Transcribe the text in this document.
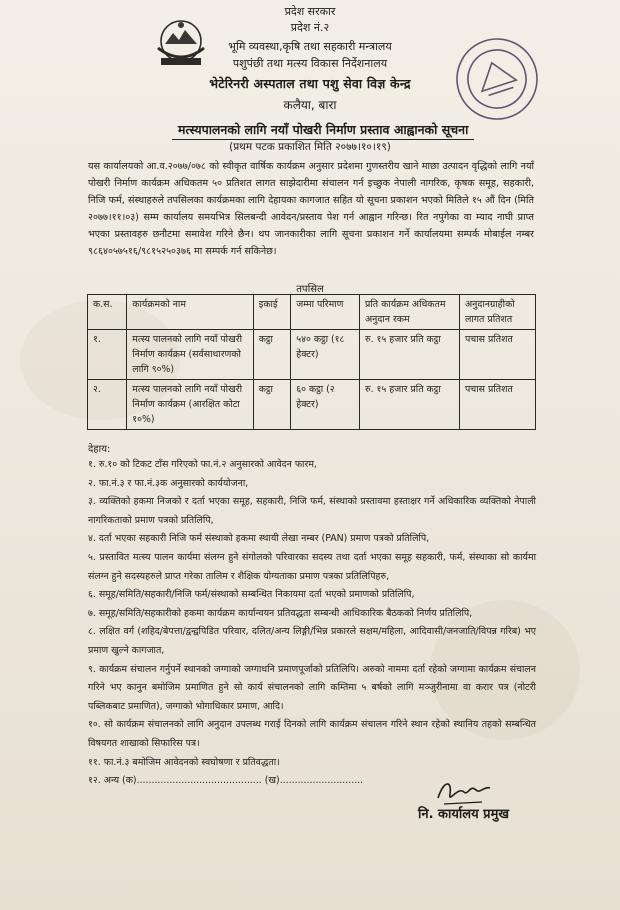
प्रदेश सरकार
प्रदेश नं.२
भूमि व्यवस्था,कृषि तथा सहकारी मन्त्रालय
पशुपंछी तथा मत्स्य विकास निर्देशनालय
भेटेरिनरी अस्पताल तथा पशु सेवा विज्ञ केन्द्र
कलैया, बारा
मत्स्यपालनको लागि नयाँ पोखरी निर्माण प्रस्ताव आह्वानको सूचना
(प्रथम पटक प्रकाशित मिति २०७७।१०।१९)
यस कार्यालयको आ.व.२०७७/०७८ को स्वीकृत वार्षिक कार्यक्रम अनुसार प्रदेशमा गुणस्तरीय खाने माछा उत्पादन वृद्धिको लागि नयाँ पोखरी निर्माण कार्यक्रम अधिकतम ५० प्रतिशत लागत साझेदारीमा संचालन गर्न इच्छुक नेपाली नागरिक, कृषक समूह, सहकारी, निजि फर्म, संस्थाहरुले तपसिलका कार्यक्रमका लागि देहायका कागजात सहित यो सूचना प्रकाशन भएको मितिले १५ औं दिन (मिति २०७७।११।०३) सम्म कार्यालय समयभित्र सिलबन्दी आवेदन/प्रस्ताव पेश गर्न आह्वान गरिन्छ। रित नपुगेका वा म्याद नाघी प्राप्त भएका प्रस्तावहरु छनौटमा समावेश गरिने छैन। थप जानकारीका लागि सूचना प्रकाशन गर्ने कार्यालयमा सम्पर्क मोबाईल नम्बर ९८६४०५७५१६/९८१५२५०३७६ मा सम्पर्क गर्न सकिनेछ।
तपसिल
क.स.	कार्यक्रमको नाम	इकाई	जम्मा परिमाण	प्रति कार्यक्रम अधिकतम अनुदान रकम	अनुदानग्राहीको लागत प्रतिशत
१.	मत्स्य पालनको लागि नयाँ पोखरी निर्माण कार्यक्रम (सर्वसाधारणको लागि ९०%)	कट्ठा	५४० कट्ठा (१८ हेक्टर)	रु. १५ हजार प्रति कट्ठा	पचास प्रतिशत
२.	मत्स्य पालनको लागि नयाँ पोखरी निर्माण कार्यक्रम (आरक्षित कोटा १०%)	कट्ठा	६० कट्ठा (२ हेक्टर)	रु. १५ हजार प्रति कट्ठा	पचास प्रतिशत
देहाय:
१. रु.१० को टिकट टाँस गरिएको फा.नं.२ अनुसारको आवेदन फारम,
२. फा.नं.३ र फा.नं.३क अनुसारको कार्ययोजना,
३. व्यक्तिको हकमा निजको र दर्ता भएका समूह, सहकारी, निजि फर्म, संस्थाको प्रस्तावमा हस्ताक्षर गर्ने अधिकारिक व्यक्तिको नेपाली नागरिकताको प्रमाण पत्रको प्रतिलिपि,
४. दर्ता भएका सहकारी निजि फर्म संस्थाको हकमा स्थायी लेखा नम्बर (PAN) प्रमाण पत्रको प्रतिलिपि,
५. प्रस्तावित मत्स्य पालन कार्यमा संलग्न हुने संगोलको परिवारका सदस्य तथा दर्ता भएका समूह सहकारी, फर्म, संस्थाका सो कार्यमा संलग्न हुने सदस्यहरुले प्राप्त गरेका तालिम र शैक्षिक योग्यताका प्रमाण पत्रका प्रतिलिपिहरु,
६. समूह/समिति/सहकारी/निजि फर्म/संस्थाको सम्बन्धित निकायमा दर्ता भएको प्रमाणको प्रतिलिपि,
७. समूह/समिति/सहकारीको हकमा कार्यक्रम कार्यान्वयन प्रतिवद्धता सम्बन्धी आधिकारिक बैठकको निर्णय प्रतिलिपि,
८. लक्षित वर्ग (शहिद/बेपत्ता/द्वन्द्वपिडित परिवार, दलित/अन्य लिङ्गी/भिन्न प्रकारले सक्षम/महिला, आदिवासी/जनजाति/विपन्न गरिब) भए प्रमाण खुल्ने कागजात,
९. कार्यक्रम संचालन गर्नुपर्ने स्थानको जग्गाको जग्गाधनि प्रमाणपूर्जाको प्रतिलिपि। अरुको नाममा दर्ता रहेको जग्गामा कार्यक्रम संचालन गरिने भए कानुन बमोजिम प्रमाणित हुने सो कार्य संचालनको लागि कम्तिमा ५ बर्षको लागि मञ्जुरीनामा वा करार पत्र (नोटरी पब्लिकबाट प्रमाणित), जग्गाको भोगाधिकार प्रमाण, आदि।
१०. सो कार्यक्रम संचालनको लागि अनुदान उपलब्ध गराई दिनको लागि कार्यक्रम संचालन गरिने स्थान रहेको स्थानिय तहको सम्बन्धित विषयगत शाखाको सिफारिस पत्र।
११. फा.नं.३ बमोजिम आवेदनको स्वघोषणा र प्रतिवद्धता।
१२. अन्य (क).......................................... (ख)............................
नि. कार्यालय प्रमुख
